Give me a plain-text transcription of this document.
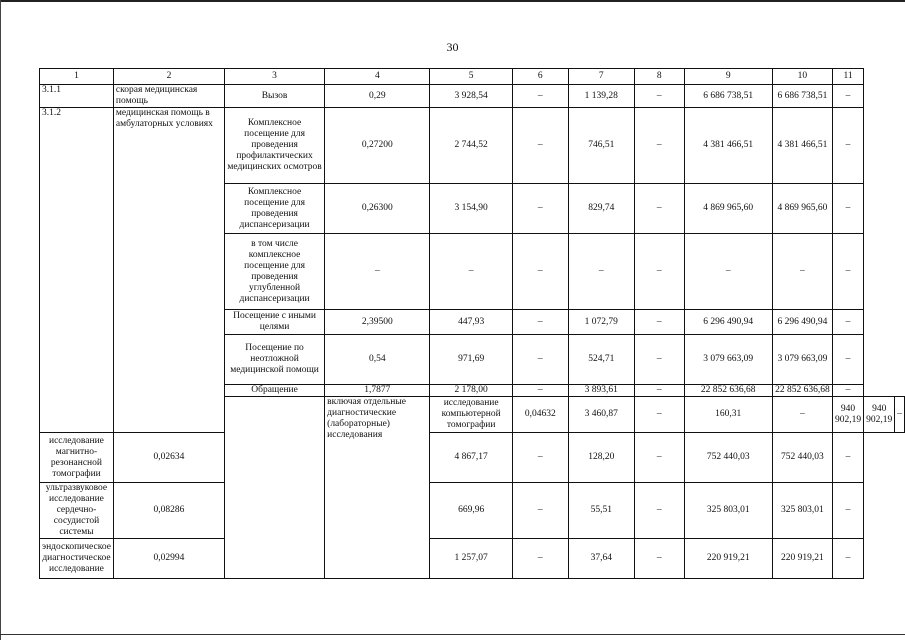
30
1	2	3	4	5	6	7	8	9	10	11		
3.1.1	скорая медицинская помощь	Вызов	0,29	3 928,54	–	1 139,28	–	6 686 738,51	6 686 738,51	–		
3.1.2	медицинская помощь в амбулаторных условиях	Комплексное посещение для проведения профилактических медицинских осмотров	0,27200	2 744,52	–	746,51	–	4 381 466,51	4 381 466,51	–		
		Комплексное посещение для проведения диспансеризации	0,26300	3 154,90	–	829,74	–	4 869 965,60	4 869 965,60	–		
		в том числе комплексное посещение для проведения углубленной диспансеризации	–	–	–	–	–	–	–	–		
		Посещение с иными целями	2,39500	447,93	–	1 072,79	–	6 296 490,94	6 296 490,94	–		
		Посещение по неотложной медицинской помощи	0,54	971,69	–	524,71	–	3 079 663,09	3 079 663,09	–		
		Обращение	1,7877	2 178,00	–	3 893,61	–	22 852 636,68	22 852 636,68	–		
			включая отдельные диагностические (лабораторные) исследования	исследование компьютерной томографии	0,04632	3 460,87	–	160,31	–	940 902,19	940 902,19	–
исследование магнитно-резонансной томографии	0,02634			4 867,17	–	128,20	–	752 440,03	752 440,03	–		
ультразвуковое исследование сердечно-сосудистой системы	0,08286			669,96	–	55,51	–	325 803,01	325 803,01	–		
эндоскопическое диагностическое исследование	0,02994			1 257,07	–	37,64	–	220 919,21	220 919,21	–		
